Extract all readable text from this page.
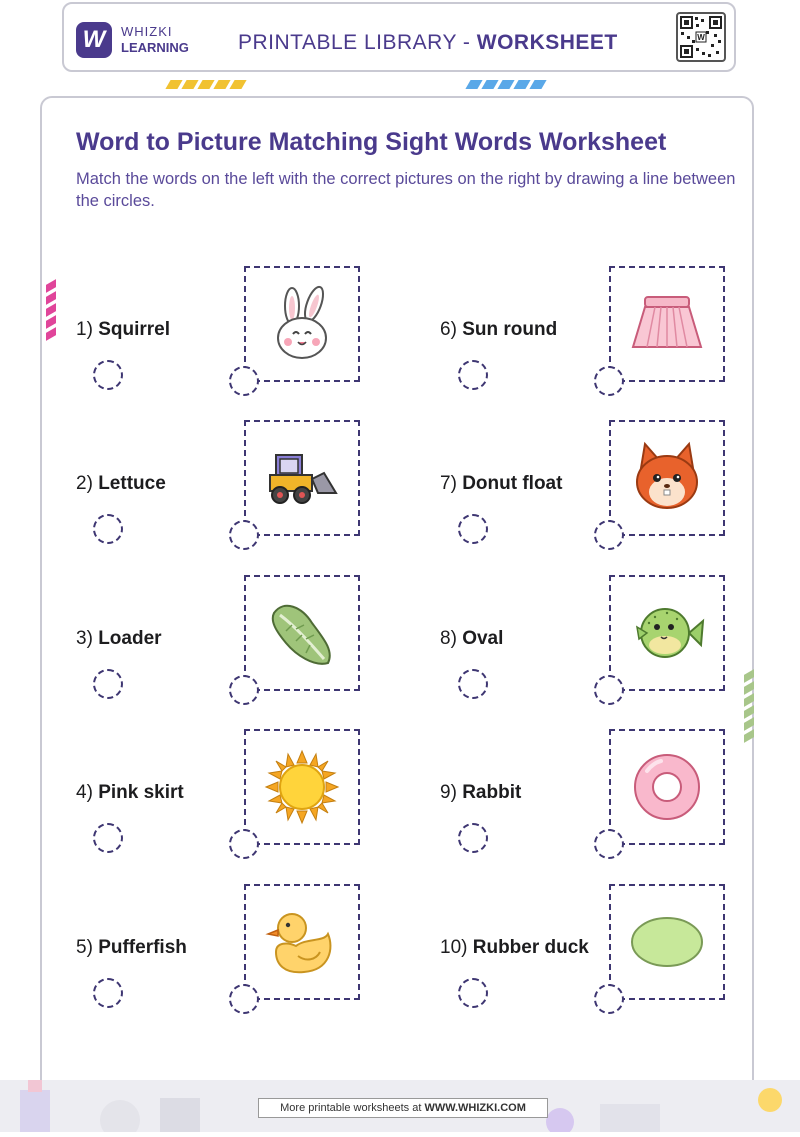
W WHIZKI
LEARNING PRINTABLE LIBRARY - WORKSHEET	W
Word to Picture Matching Sight Words Worksheet
Match the words on the left with the correct pictures on the right by drawing a line between the circles.
1) Squirrel
2) Lettuce
3) Loader
4) Pink skirt
5) Pufferfish
6) Sun round
7) Donut float
8) Oval
9) Rabbit
10) Rubber duck
More printable worksheets at WWW.WHIZKI.COM
